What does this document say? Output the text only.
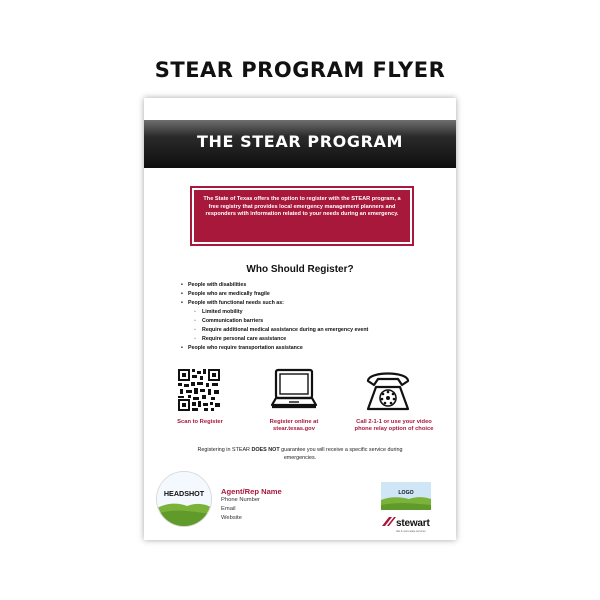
STEAR PROGRAM FLYER
THE STEAR PROGRAM
The State of Texas offers the option to register with the STEAR program, a free registry that provides local emergency management planners and responders with information related to your needs during an emergency.
Who Should Register?
• People with disabilities
• People who are medically fragile
• People with functional needs such as:
◦ Limited mobility
◦ Communication barriers
◦ Require additional medical assistance during an emergency event
◦ Require personal care assistance
• People who require transportation assistance
Scan to Register	Register online at
stear.texas.gov
Call 2-1-1 or use your video
phone relay option of choice
Registering in STEAR DOES NOT guarantee you will receive a specific service during emergencies.
HEADSHOT	Agent/Rep Name
Phone Number
Email
Website
LOGO
stewart
title & real estate services
